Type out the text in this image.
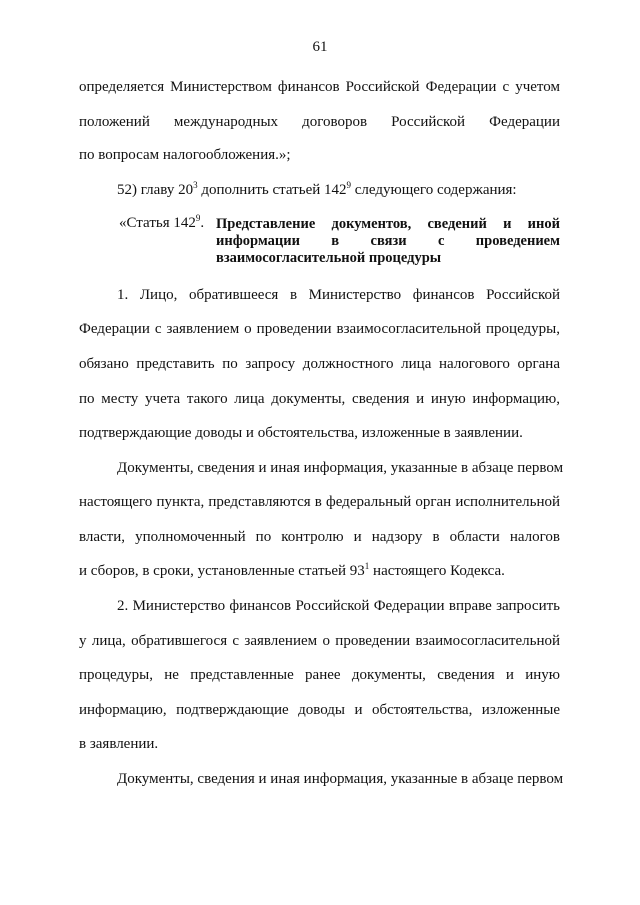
61
определяется Министерством финансов Российской Федерации с учетом
положений международных договоров Российской Федерации
по вопросам налогообложения.»;
52) главу $20^3$ дополнить статьей $142^9$ следующего содержания:
«Статья $142^9$. Представление документов, сведений и иной
информации в связи с проведением
взаимосогласительной процедуры
1. Лицо, обратившееся в Министерство финансов Российской
Федерации с заявлением о проведении взаимосогласительной процедуры,
обязано представить по запросу должностного лица налогового органа
по месту учета такого лица документы, сведения и иную информацию,
подтверждающие доводы и обстоятельства, изложенные в заявлении.
Документы, сведения и иная информация, указанные в абзаце первом
настоящего пункта, представляются в федеральный орган исполнительной
власти, уполномоченный по контролю и надзору в области налогов
и сборов, в сроки, установленные статьей $93^1$ настоящего Кодекса.
2. Министерство финансов Российской Федерации вправе запросить
у лица, обратившегося с заявлением о проведении взаимосогласительной
процедуры, не представленные ранее документы, сведения и иную
информацию, подтверждающие доводы и обстоятельства, изложенные
в заявлении.
Документы, сведения и иная информация, указанные в абзаце первом
